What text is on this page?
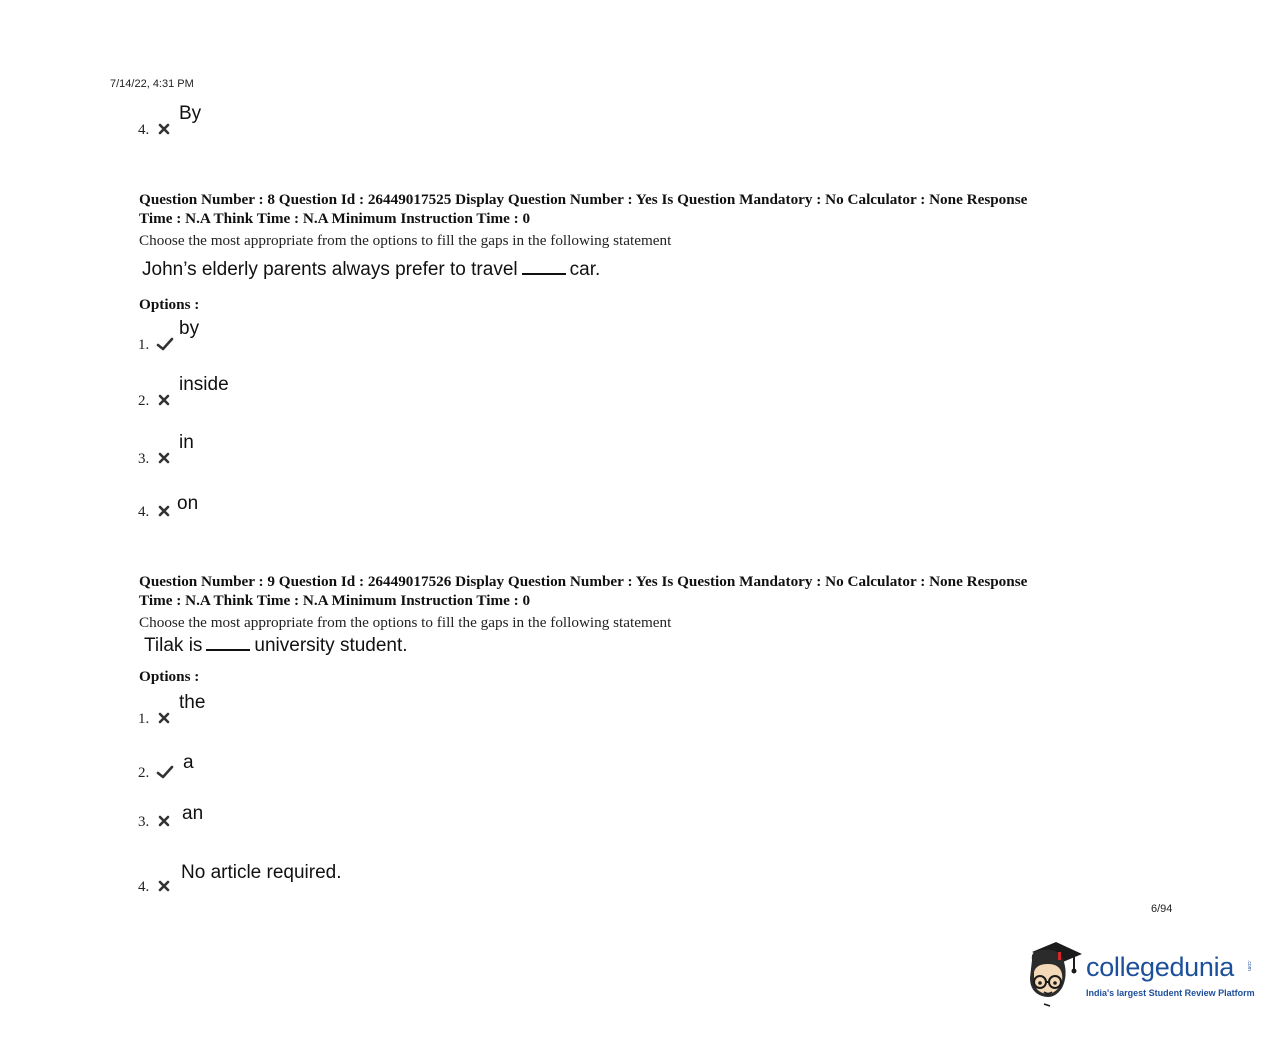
7/14/22, 4:31 PM
4.
By
Question Number : 8 Question Id : 26449017525 Display Question Number : Yes Is Question Mandatory : No Calculator : None Response
Time : N.A Think Time : N.A Minimum Instruction Time : 0
Choose the most appropriate from the options to fill the gaps in the following statement
John’s elderly parents always prefer to travel	car.
Options :
1.
by
2.
inside
3.
in
4. on
Question Number : 9 Question Id : 26449017526 Display Question Number : Yes Is Question Mandatory : No Calculator : None Response
Time : N.A Think Time : N.A Minimum Instruction Time : 0
Choose the most appropriate from the options to fill the gaps in the following statement
Tilak is	university student.
Options :
1.
the
2. a
3. an
4.
No article required.
6/94
collegedunia .com
India's largest Student Review Platform
